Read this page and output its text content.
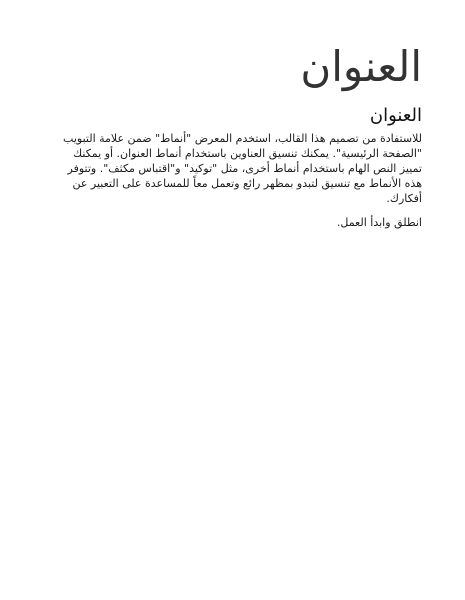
العنوان
العنوان

للاستفادة من تصميم هذا القالب، استخدم المعرض "أنماط" ضمن علامة التبويب "الصفحة الرئيسية". يمكنك تنسيق العناوين باستخدام أنماط العنوان. أو يمكنك تمييز النص الهام باستخدام أنماط أخرى، مثل "توكيد" و"اقتباس مكثف". وتتوفر هذه الأنماط مع تنسيق لتبدو بمظهر رائع وتعمل معاً للمساعدة على التعبير عن أفكارك.

انطلق وابدأ العمل.
